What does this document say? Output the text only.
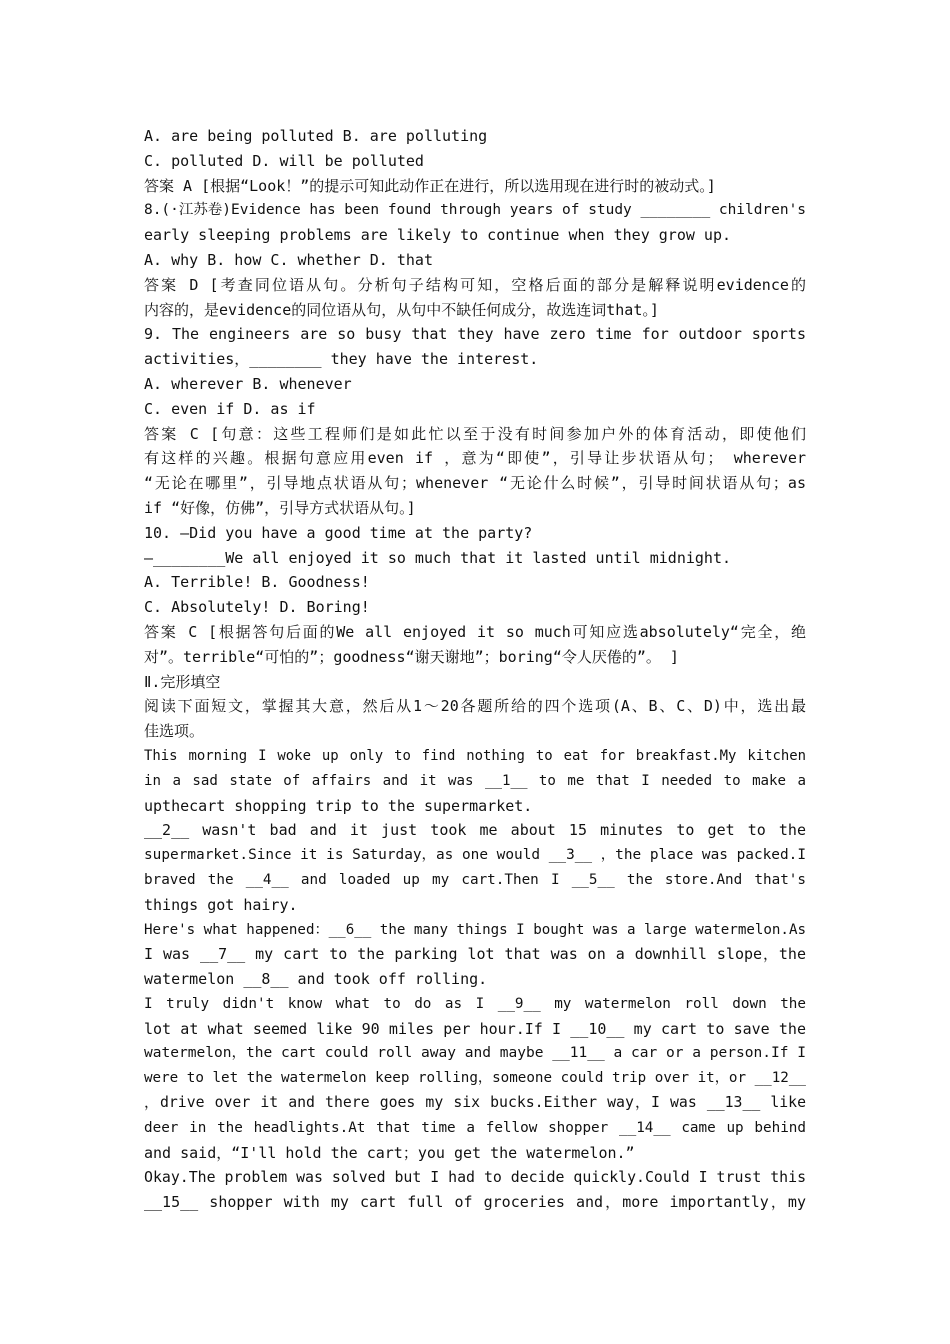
A. are being polluted B. are polluting
C. polluted D. will be polluted
答案 A [根据“Look！”的提示可知此动作正在进行，所以选用现在进行时的被动式。]
8.(·江苏卷)Evidence has been found through years of study ________ children's
early sleeping problems are likely to continue when they grow up.
A. why B. how C. whether D. that
答案 D [考查同位语从句。分析句子结构可知，空格后面的部分是解释说明evidence的
内容的，是evidence的同位语从句，从句中不缺任何成分，故选连词that。]
9. The engineers are so busy that they have zero time for outdoor sports
activities，________ they have the interest.
A. wherever B. whenever
C. even if D. as if
答案 C [句意：这些工程师们是如此忙以至于没有时间参加户外的体育活动，即使他们
有这样的兴趣。根据句意应用even if ，意为“即使”，引导让步状语从句； wherever
“无论在哪里”，引导地点状语从句；whenever “无论什么时候”，引导时间状语从句；as
if “好像，仿佛”，引导方式状语从句。]
10. —Did you have a good time at the party?
—________We all enjoyed it so much that it lasted until midnight.
A. Terrible! B. Goodness!
C. Absolutely! D. Boring!
答案 C [根据答句后面的We all enjoyed it so much可知应选absolutely“完全，绝
对”。terrible“可怕的”；goodness“谢天谢地”；boring“令人厌倦的”。 ]
Ⅱ.完形填空
阅读下面短文，掌握其大意，然后从1～20各题所给的四个选项(A、B、C、D)中，选出最
佳选项。
This morning I woke up only to find nothing to eat for breakfast.My kitchen
in a sad state of affairs and it was __1__ to me that I needed to make a
upthecart shopping trip to the supermarket.
__2__ wasn't bad and it just took me about 15 minutes to get to the
supermarket.Since it is Saturday，as one would __3__ ，the place was packed.I
braved the __4__ and loaded up my cart.Then I __5__ the store.And that's
things got hairy.
Here's what happened：__6__ the many things I bought was a large watermelon.As
I was __7__ my cart to the parking lot that was on a downhill slope，the
watermelon __8__ and took off rolling.
I truly didn't know what to do as I __9__ my watermelon roll down the
lot at what seemed like 90 miles per hour.If I __10__ my cart to save the
watermelon，the cart could roll away and maybe __11__ a car or a person.If I
were to let the watermelon keep rolling，someone could trip over it，or __12__
，drive over it and there goes my six bucks.Either way，I was __13__ like
deer in the headlights.At that time a fellow shopper __14__ came up behind
and said，“I'll hold the cart；you get the watermelon.”
Okay.The problem was solved but I had to decide quickly.Could I trust this
__15__ shopper with my cart full of groceries and，more importantly，my
